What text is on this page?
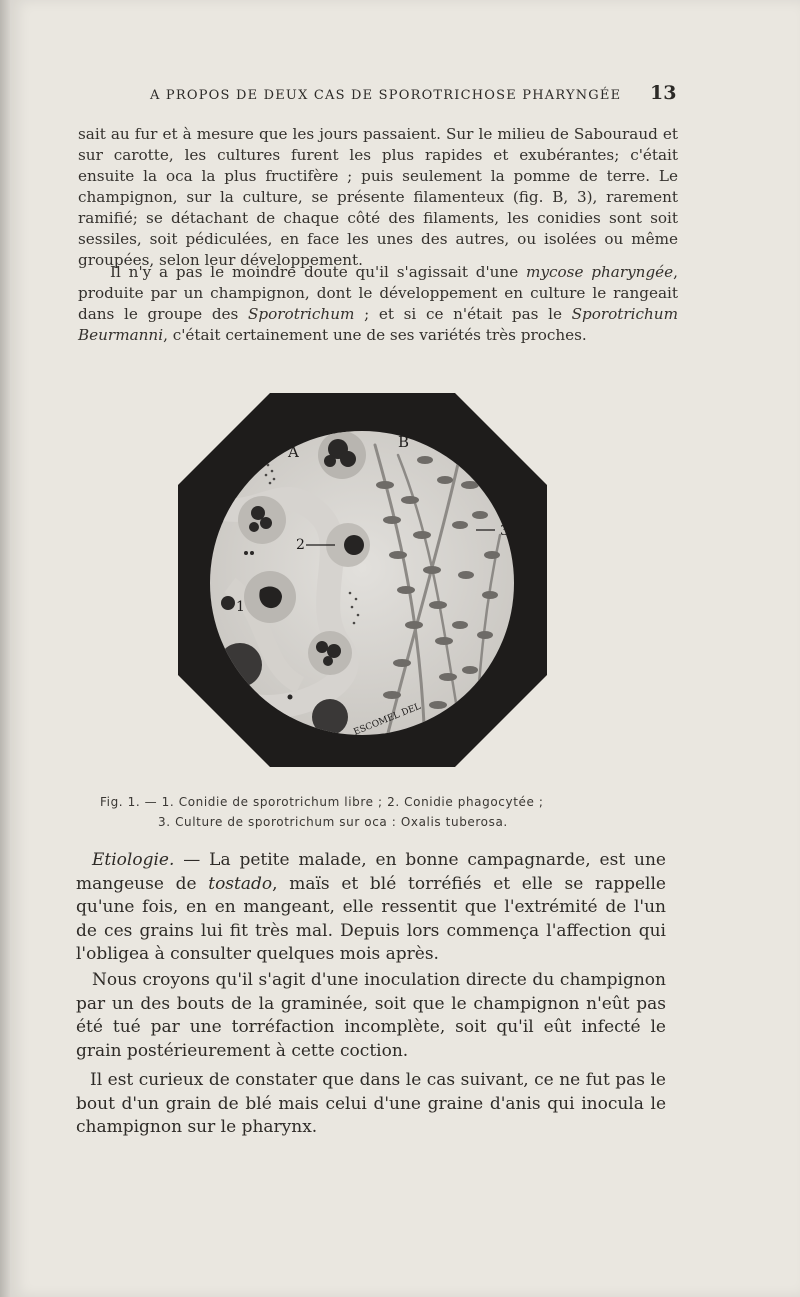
A PROPOS DE DEUX CAS DE SPOROTRICHOSE PHARYNGÉE 13

sait au fur et à mesure que les jours passaient. Sur le milieu de Sabouraud et sur carotte, les cultures furent les plus rapides et exubérantes; c'était ensuite la oca la plus fructifère ; puis seulement la pomme de terre. Le champignon, sur la culture, se présente filamenteux (fig. B, 3), rarement ramifié; se détachant de chaque côté des filaments, les conidies sont soit sessiles, soit pédiculées, en face les unes des autres, ou isolées ou même groupées, selon leur développement.

Il n'y a pas le moindre doute qu'il s'agissait d'une mycose pharyngée, produite par un champignon, dont le développement en culture le rangeait dans le groupe des Sporotrichum ; et si ce n'était pas le Sporotrichum Beurmanni, c'était certainement une de ses variétés très proches.

A
B
1
2
3
ESCOMEL DEL
Fig. 1. — 1. Conidie de sporotrichum libre ; 2. Conidie phagocytée ;
3. Culture de sporotrichum sur oca : Oxalis tuberosa.

Etiologie. — La petite malade, en bonne campagnarde, est une mangeuse de tostado, maïs et blé torréfiés et elle se rappelle qu'une fois, en en mangeant, elle ressentit que l'extrémité de l'un de ces grains lui fit très mal. Depuis lors commença l'affection qui l'obligea à consulter quelques mois après.

Nous croyons qu'il s'agit d'une inoculation directe du champignon par un des bouts de la graminée, soit que le champignon n'eût pas été tué par une torréfaction incomplète, soit qu'il eût infecté le grain postérieurement à cette coction.

Il est curieux de constater que dans le cas suivant, ce ne fut pas le bout d'un grain de blé mais celui d'une graine d'anis qui inocula le champignon sur le pharynx.
